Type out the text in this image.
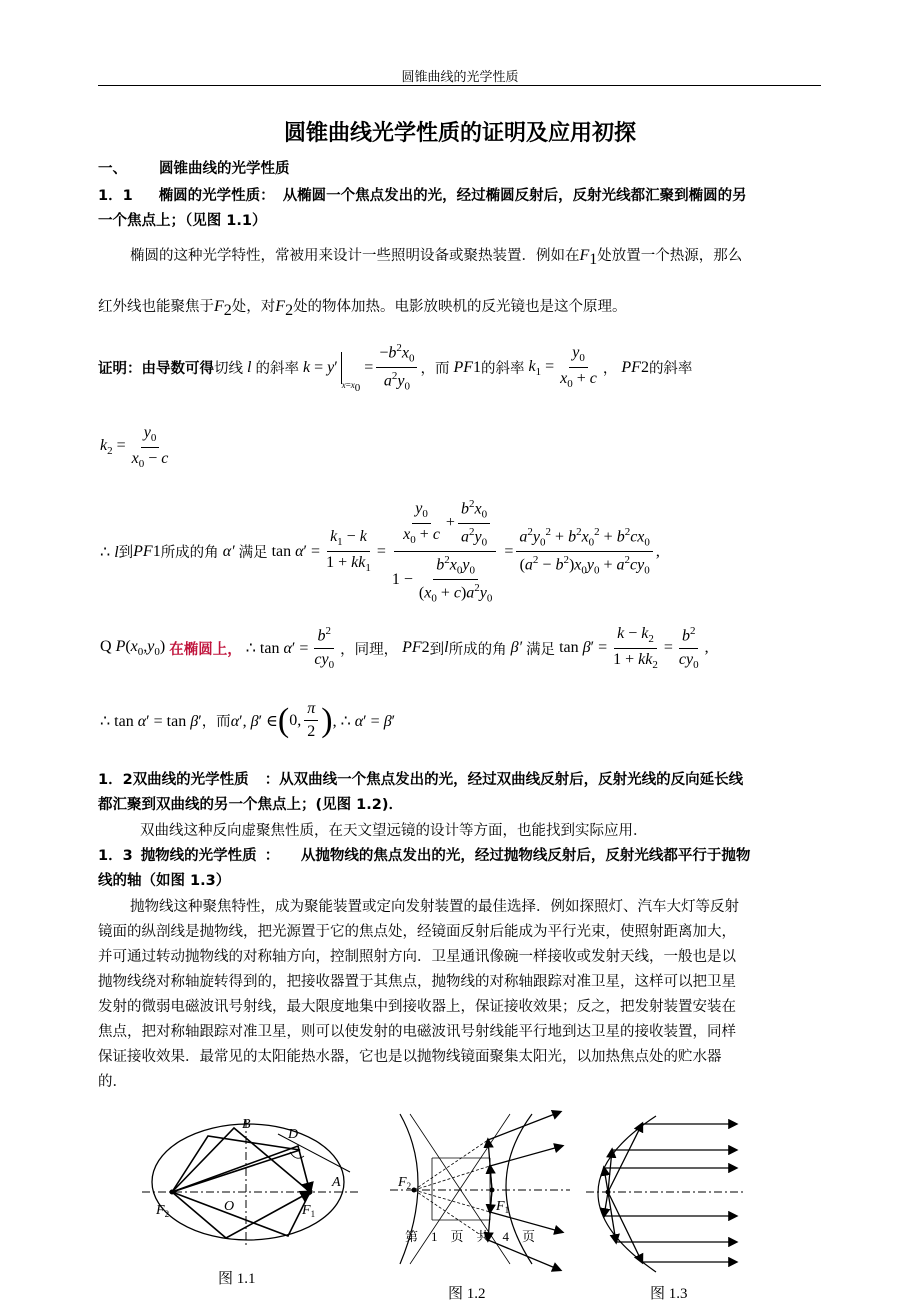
圆锥曲线的光学性质
圆锥曲线光学性质的证明及应用初探
一、 圆锥曲线的光学性质
1．1 椭圆的光学性质： 从椭圆一个焦点发出的光，经过椭圆反射后，反射光线都汇聚到椭圆的另
一个焦点上；（见图 1.1）
椭圆的这种光学特性，常被用来设计一些照明设备或聚热装置．例如在$F_1$处放置一个热源，那么
红外线也能聚焦于$F_2$处，对$F_2$处的物体加热。电影放映机的反光镜也是这个原理。
证明：由导数可得 切线 l 的斜率 k = y′
$_{x=x_0}$
= $\frac{-b^2x_0}{a^2y_0}$ ，而 PF 1 的斜率 $k_1 = \frac{y_0}{x_0 + c}$ ， PF 2 的斜率
$k_2 = \frac{y_0}{x_0 - c}$
∴ l 到 PF 1 所成的角 α′ 满足 $\tan \alpha' = \frac{k_1 - k}{1 + kk_1} = \frac{\frac{y_0}{x_0 + c} + \frac{b^2x_0}{a^2y_0}}{1 - \frac{b^2x_0y_0}{(x_0 + c)a^2y_0}} = \frac{a^2y_0^2 + b^2x_0^2 + b^2cx_0}{(a^2 - b^2)x_0y_0 + a^2cy_0}$ ,
Q $P(x_0,y_0)$ 在椭圆上， ∴ $\tan \alpha' = \frac{b^2}{cy_0}$ ，同理， PF 2 到 l 所成的角 β′ 满足 $\tan \beta' = \frac{k - k_2}{1 + kk_2} = \frac{b^2}{cy_0}$ ,
∴ tan α′ = tan β′ ，而 α′, β′ ∈ ( 0, $\frac{\pi}{2}$ ) , ∴ α′ = β′
1．2双曲线的光学性质 ：从双曲线一个焦点发出的光，经过双曲线反射后，反射光线的反向延长线
都汇聚到双曲线的另一个焦点上；(见图 1.2)．
双曲线这种反向虚聚焦性质，在天文望远镜的设计等方面，也能找到实际应用．
1．3 抛物线的光学性质 ：　　从抛物线的焦点发出的光，经过抛物线反射后，反射光线都平行于抛物
线的轴（如图 1.3）
抛物线这种聚焦特性，成为聚能装置或定向发射装置的最佳选择．例如探照灯、汽车大灯等反射
镜面的纵剖线是抛物线，把光源置于它的焦点处，经镜面反射后能成为平行光束，使照射距离加大，
并可通过转动抛物线的对称轴方向，控制照射方向．卫星通讯像碗一样接收或发射天线，一般也是以
抛物线绕对称轴旋转得到的，把接收器置于其焦点，抛物线的对称轴跟踪对准卫星，这样可以把卫星
发射的微弱电磁波讯号射线，最大限度地集中到接收器上，保证接收效果；反之，把发射装置安装在
焦点，把对称轴跟踪对准卫星，则可以使发射的电磁波讯号射线能平行地到达卫星的接收装置，同样
保证接收效果．最常见的太阳能热水器，它也是以抛物线镜面聚集太阳光，以加热焦点处的贮水器
的．
B
D
A
O
$F_2$	$F_1$
图 1.1
$F_2$
$F_1$
第　1　页　共　4　页
图 1.2	图 1.3
